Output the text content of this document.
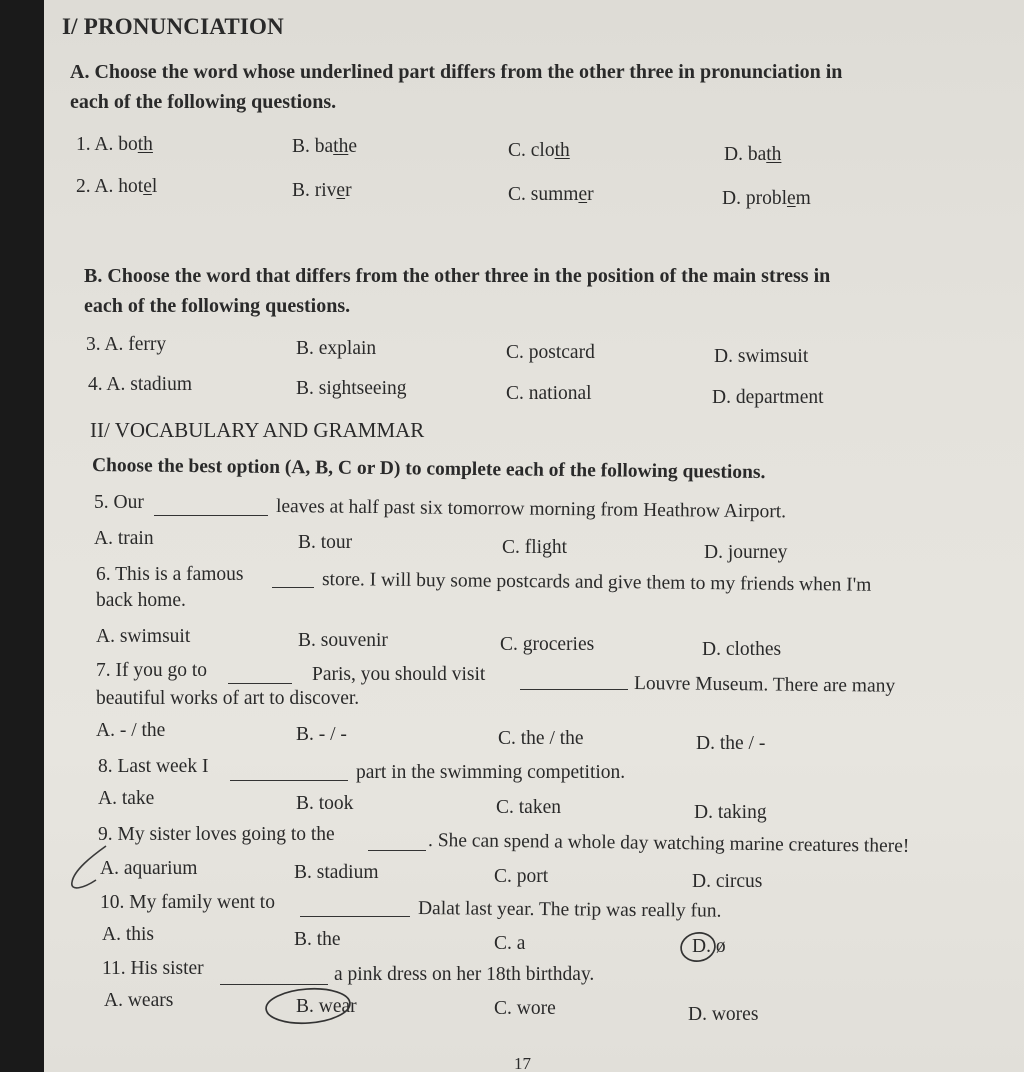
I/ PRONUNCIATION
A. Choose the word whose underlined part differs from the other three in pronunciation in
each of the following questions.
1. A. both	B. bathe	C. cloth	D. bath
2. A. hotel	B. river	C. summer	D. problem
B. Choose the word that differs from the other three in the position of the main stress in
each of the following questions.
3. A. ferry	B. explain	C. postcard	D. swimsuit
4. A. stadium	B. sightseeing	C. national	D. department
II/ VOCABULARY AND GRAMMAR
Choose the best option (A, B, C or D) to complete each of the following questions.
5. Our	leaves at half past six tomorrow morning from Heathrow Airport.
A. train	B. tour	C. flight	D. journey
6. This is a famous	store. I will buy some postcards and give them to my friends when I'm
back home.
A. swimsuit	B. souvenir	C. groceries	D. clothes
7. If you go to	Paris, you should visit	Louvre Museum. There are many
beautiful works of art to discover.
A. - / the	B. - / -	C. the / the	D. the / -
8. Last week I	part in the swimming competition.
A. take	B. took	C. taken	D. taking
9. My sister loves going to the	. She can spend a whole day watching marine creatures there!
A. aquarium	B. stadium	C. port	D. circus
10. My family went to	Dalat last year. The trip was really fun.
A. this	B. the	C. a	D. ø
11. His sister	a pink dress on her 18th birthday.
A. wears	B. wear	C. wore	D. wores
17
